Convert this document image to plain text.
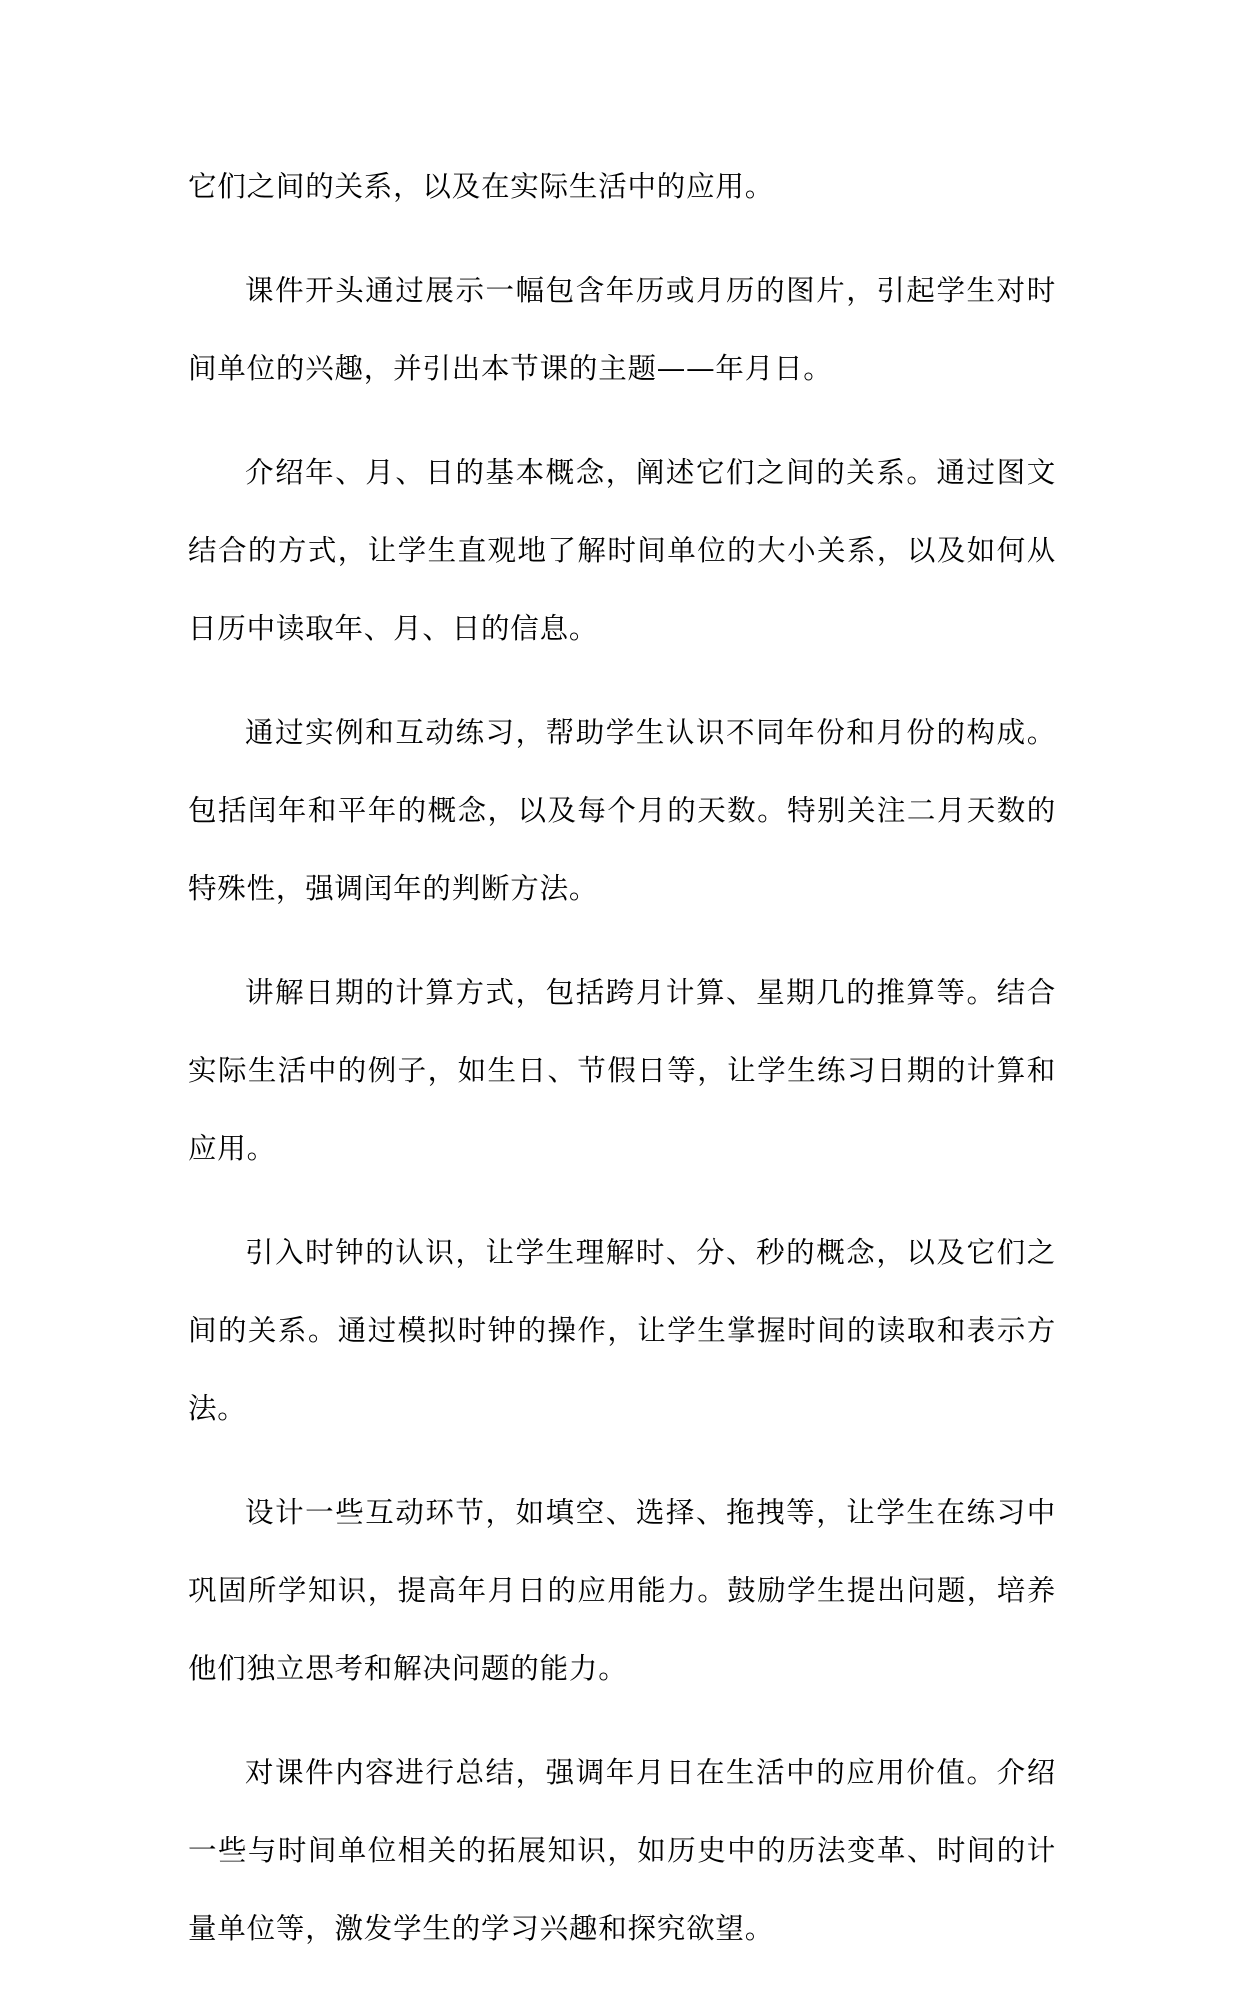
它们之间的关系，以及在实际生活中的应用。

课件开头通过展示一幅包含年历或月历的图片，引起学生对时间单位的兴趣，并引出本节课的主题——年月日。

介绍年、月、日的基本概念，阐述它们之间的关系。通过图文结合的方式，让学生直观地了解时间单位的大小关系，以及如何从日历中读取年、月、日的信息。

通过实例和互动练习，帮助学生认识不同年份和月份的构成。包括闰年和平年的概念，以及每个月的天数。特别关注二月天数的特殊性，强调闰年的判断方法。

讲解日期的计算方式，包括跨月计算、星期几的推算等。结合实际生活中的例子，如生日、节假日等，让学生练习日期的计算和应用。

引入时钟的认识，让学生理解时、分、秒的概念，以及它们之间的关系。通过模拟时钟的操作，让学生掌握时间的读取和表示方法。

设计一些互动环节，如填空、选择、拖拽等，让学生在练习中巩固所学知识，提高年月日的应用能力。鼓励学生提出问题，培养他们独立思考和解决问题的能力。

对课件内容进行总结，强调年月日在生活中的应用价值。介绍一些与时间单位相关的拓展知识，如历史中的历法变革、时间的计量单位等，激发学生的学习兴趣和探究欲望。
